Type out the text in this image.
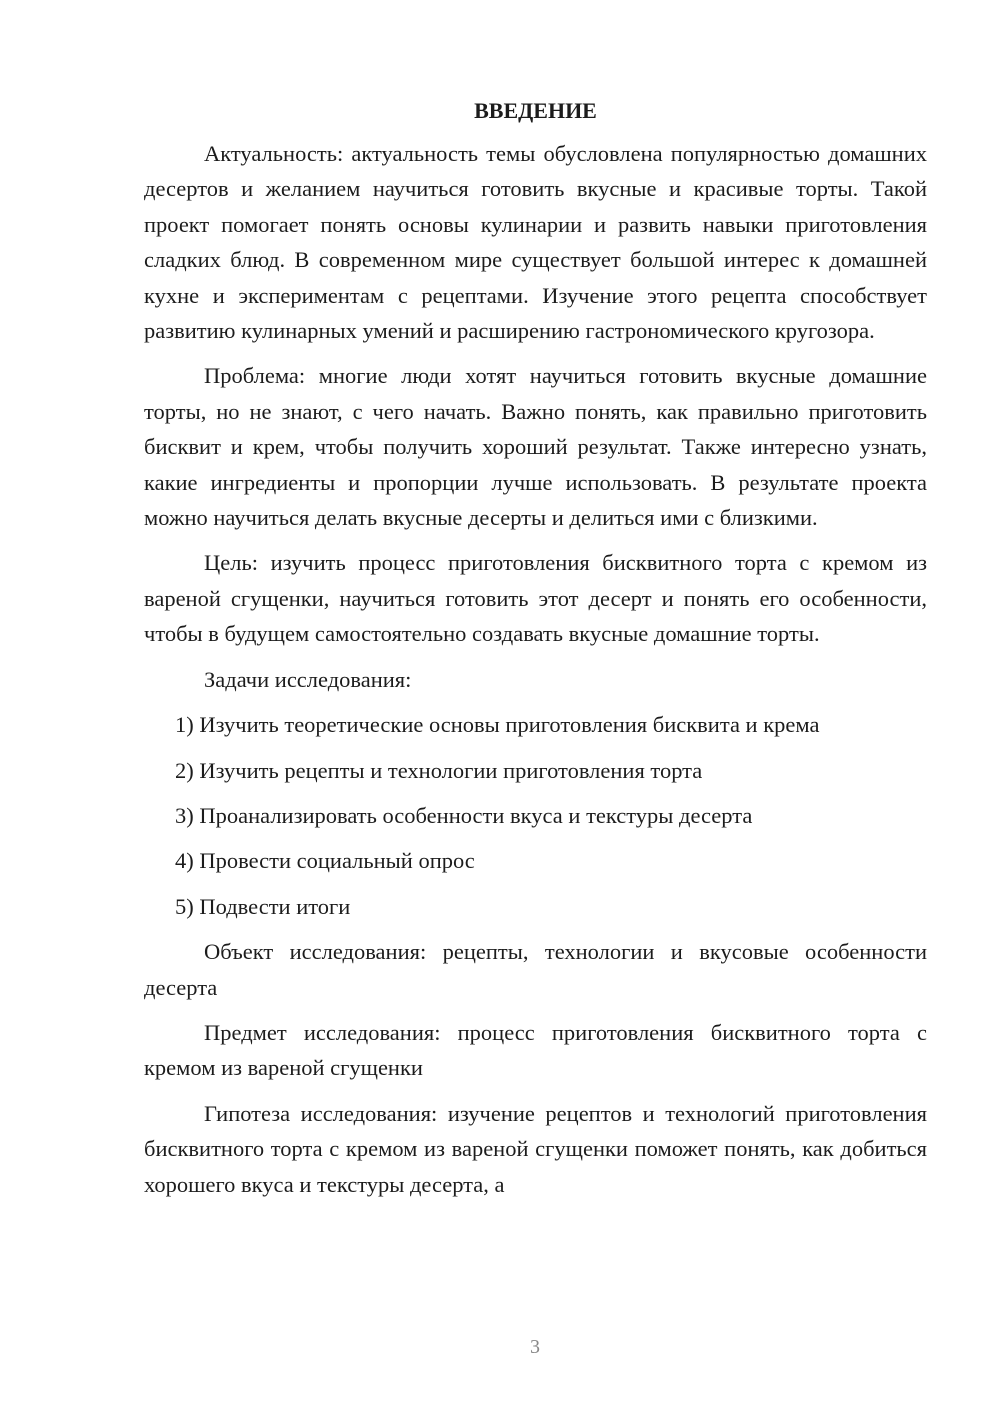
ВВЕДЕНИЕ

Актуальность: актуальность темы обусловлена популярностью домашних десертов и желанием научиться готовить вкусные и красивые торты. Такой проект помогает понять основы кулинарии и развить навыки приготовления сладких блюд. В современном мире существует большой интерес к домашней кухне и экспериментам с рецептами. Изучение этого рецепта способствует развитию кулинарных умений и расширению гастрономического кругозора.

Проблема: многие люди хотят научиться готовить вкусные домашние торты, но не знают, с чего начать. Важно понять, как правильно приготовить бисквит и крем, чтобы получить хороший результат. Также интересно узнать, какие ингредиенты и пропорции лучше использовать. В результате проекта можно научиться делать вкусные десерты и делиться ими с близкими.

Цель: изучить процесс приготовления бисквитного торта с кремом из вареной сгущенки, научиться готовить этот десерт и понять его особенности, чтобы в будущем самостоятельно создавать вкусные домашние торты.

Задачи исследования:

1) Изучить теоретические основы приготовления бисквита и крема

2) Изучить рецепты и технологии приготовления торта

3) Проанализировать особенности вкуса и текстуры десерта

4) Провести социальный опрос

5) Подвести итоги

Объект исследования: рецепты, технологии и вкусовые особенности десерта

Предмет исследования: процесс приготовления бисквитного торта с кремом из вареной сгущенки

Гипотеза исследования: изучение рецептов и технологий приготовления бисквитного торта с кремом из вареной сгущенки поможет понять, как добиться хорошего вкуса и текстуры десерта, а

3
